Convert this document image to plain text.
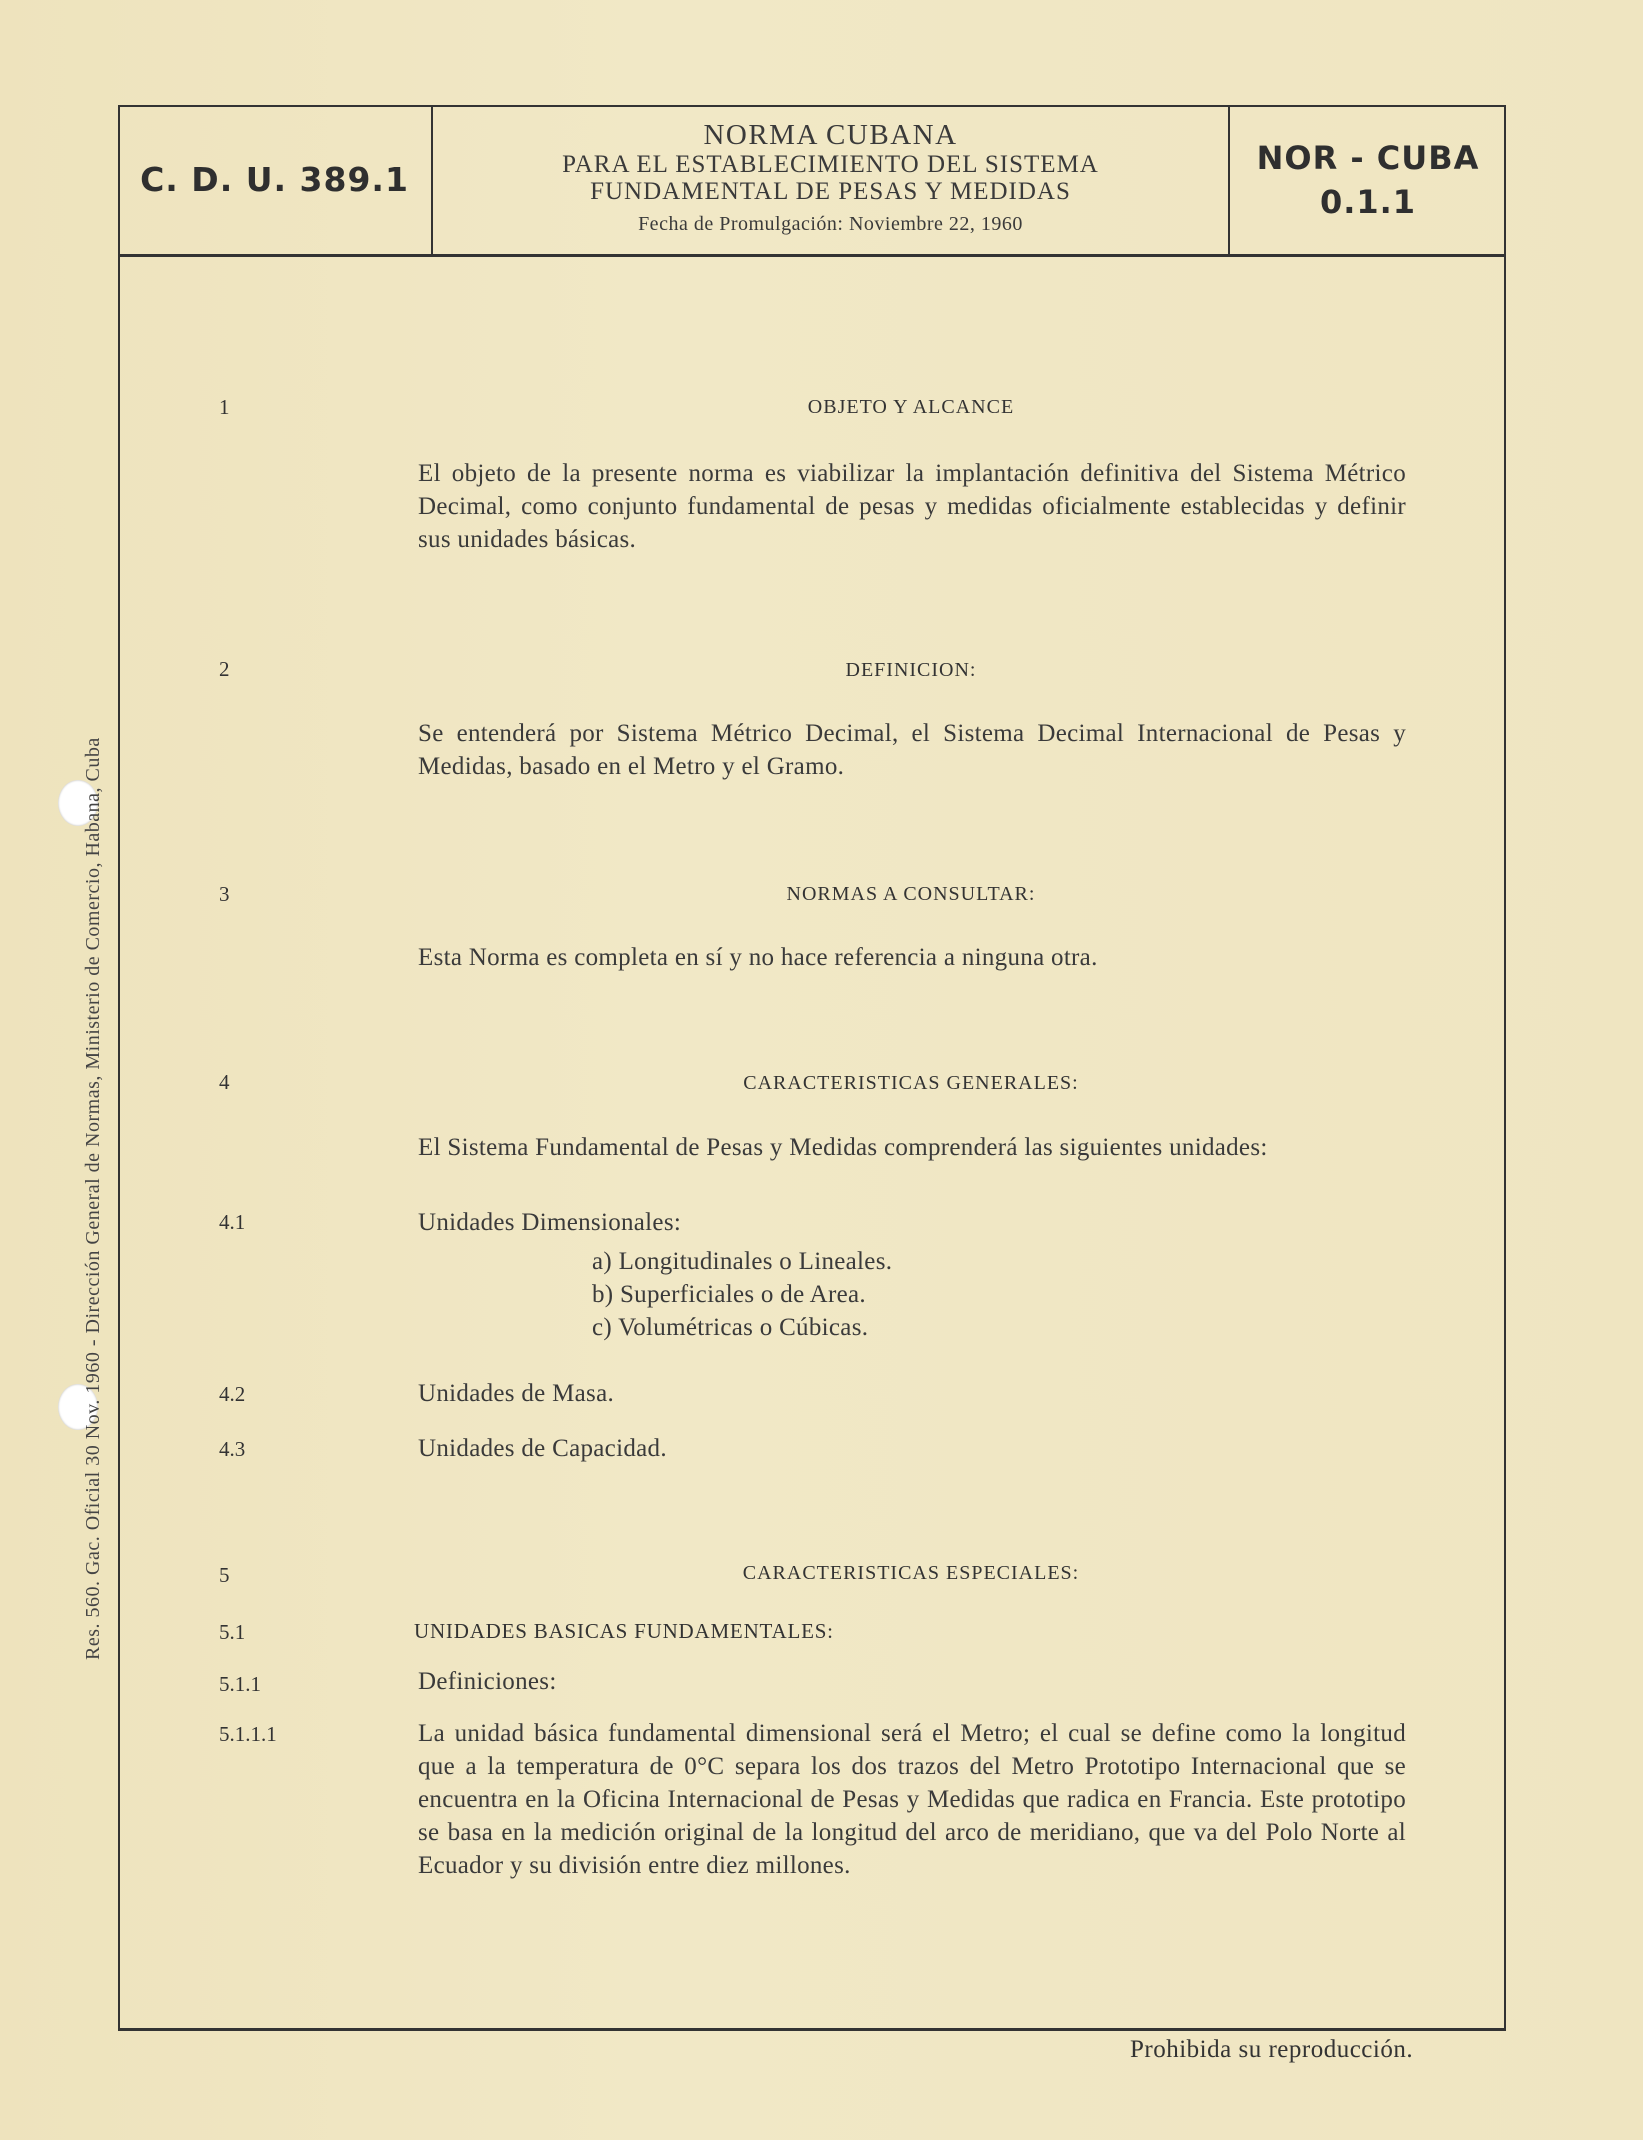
Res. 560. Gac. Oficial 30 Nov. 1960 - Dirección General de Normas, Ministerio de Comercio, Habana, Cuba
C. D. U. 389.1
NORMA CUBANA
PARA EL ESTABLECIMIENTO DEL SISTEMA
FUNDAMENTAL DE PESAS Y MEDIDAS
Fecha de Promulgación: Noviembre 22, 1960
NOR - CUBA
0.1.1
1	OBJETO Y ALCANCE
El objeto de la presente norma es viabilizar la implantación definitiva del Sistema Métrico Decimal, como conjunto fundamental de pesas y medidas oficialmente establecidas y definir sus unidades básicas.
2	DEFINICION:
Se entenderá por Sistema Métrico Decimal, el Sistema Decimal Internacional de Pesas y Medidas, basado en el Metro y el Gramo.
3	NORMAS A CONSULTAR:
Esta Norma es completa en sí y no hace referencia a ninguna otra.
4	CARACTERISTICAS GENERALES:
El Sistema Fundamental de Pesas y Medidas comprenderá las siguientes unidades:
4.1	Unidades Dimensionales:
a) Longitudinales o Lineales.
b) Superficiales o de Area.
c) Volumétricas o Cúbicas.
4.2	Unidades de Masa.
4.3	Unidades de Capacidad.
5	CARACTERISTICAS ESPECIALES:
5.1	UNIDADES BASICAS FUNDAMENTALES:
5.1.1	Definiciones:
5.1.1.1	La unidad básica fundamental dimensional será el Metro; el cual se define como la longitud que a la temperatura de 0°C separa los dos trazos del Metro Prototipo Internacional que se encuentra en la Oficina Internacional de Pesas y Medidas que radica en Francia. Este prototipo se basa en la medición original de la longitud del arco de meridiano, que va del Polo Norte al Ecuador y su división entre diez millones.
Prohibida su reproducción.
